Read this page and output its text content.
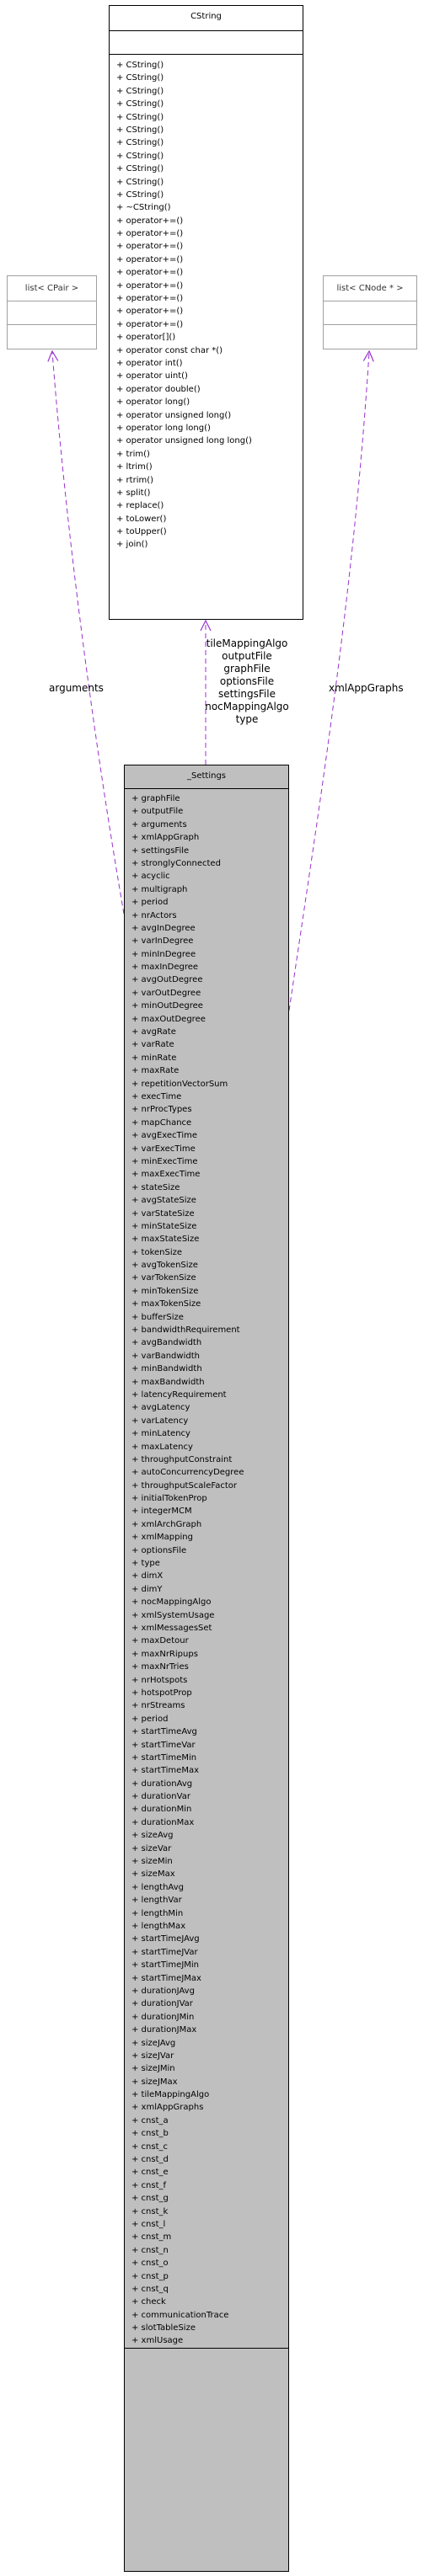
CString
+ CString()
+ CString()
+ CString()
+ CString()
+ CString()
+ CString()
+ CString()
+ CString()
+ CString()
+ CString()
+ CString()
+ ~CString()
+ operator+=()
+ operator+=()
+ operator+=()
+ operator+=()
+ operator+=()
+ operator+=()
+ operator+=()
+ operator+=()
+ operator+=()
+ operator[]()
+ operator const char *()
+ operator int()
+ operator uint()
+ operator double()
+ operator long()
+ operator unsigned long()
+ operator long long()
+ operator unsigned long long()
+ trim()
+ ltrim()
+ rtrim()
+ split()
+ replace()
+ toLower()
+ toUpper()
+ join()
list< CPair >	list< CNode * >
arguments
tileMappingAlgo
outputFile
graphFile
optionsFile
settingsFile
nocMappingAlgo
type
xmlAppGraphs
_Settings
+ graphFile
+ outputFile
+ arguments
+ xmlAppGraph
+ settingsFile
+ stronglyConnected
+ acyclic
+ multigraph
+ period
+ nrActors
+ avgInDegree
+ varInDegree
+ minInDegree
+ maxInDegree
+ avgOutDegree
+ varOutDegree
+ minOutDegree
+ maxOutDegree
+ avgRate
+ varRate
+ minRate
+ maxRate
+ repetitionVectorSum
+ execTime
+ nrProcTypes
+ mapChance
+ avgExecTime
+ varExecTime
+ minExecTime
+ maxExecTime
+ stateSize
+ avgStateSize
+ varStateSize
+ minStateSize
+ maxStateSize
+ tokenSize
+ avgTokenSize
+ varTokenSize
+ minTokenSize
+ maxTokenSize
+ bufferSize
+ bandwidthRequirement
+ avgBandwidth
+ varBandwidth
+ minBandwidth
+ maxBandwidth
+ latencyRequirement
+ avgLatency
+ varLatency
+ minLatency
+ maxLatency
+ throughputConstraint
+ autoConcurrencyDegree
+ throughputScaleFactor
+ initialTokenProp
+ integerMCM
+ xmlArchGraph
+ xmlMapping
+ optionsFile
+ type
+ dimX
+ dimY
+ nocMappingAlgo
+ xmlSystemUsage
+ xmlMessagesSet
+ maxDetour
+ maxNrRipups
+ maxNrTries
+ nrHotspots
+ hotspotProp
+ nrStreams
+ period
+ startTimeAvg
+ startTimeVar
+ startTimeMin
+ startTimeMax
+ durationAvg
+ durationVar
+ durationMin
+ durationMax
+ sizeAvg
+ sizeVar
+ sizeMin
+ sizeMax
+ lengthAvg
+ lengthVar
+ lengthMin
+ lengthMax
+ startTimeJAvg
+ startTimeJVar
+ startTimeJMin
+ startTimeJMax
+ durationJAvg
+ durationJVar
+ durationJMin
+ durationJMax
+ sizeJAvg
+ sizeJVar
+ sizeJMin
+ sizeJMax
+ tileMappingAlgo
+ xmlAppGraphs
+ cnst_a
+ cnst_b
+ cnst_c
+ cnst_d
+ cnst_e
+ cnst_f
+ cnst_g
+ cnst_k
+ cnst_l
+ cnst_m
+ cnst_n
+ cnst_o
+ cnst_p
+ cnst_q
+ check
+ communicationTrace
+ slotTableSize
+ xmlUsage
